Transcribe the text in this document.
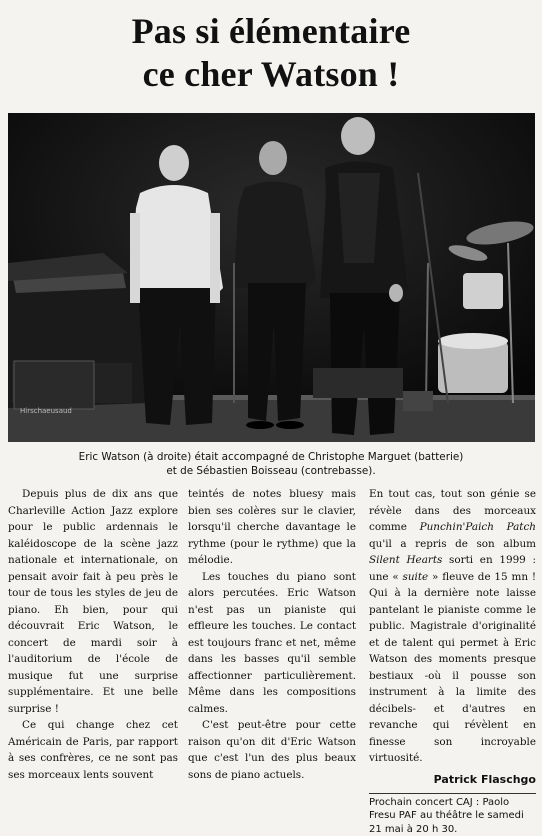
Pas si élémentaire
ce cher Watson !
Hirschaeusaud
Eric Watson (à droite) était accompagné de Christophe Marguet (batterie)
et de Sébastien Boisseau (contrebasse).

Depuis plus de dix ans que Charleville Action Jazz explore pour le public ardennais le kaléidoscope de la scène jazz nationale et internationale, on pensait avoir fait à peu près le tour de tous les styles de jeu de piano. Eh bien, pour qui découvrait Eric Watson, le concert de mardi soir à l'auditorium de l'école de musique fut une surprise supplémentaire. Et une belle surprise !

Ce qui change chez cet Américain de Paris, par rapport à ses confrères, ce ne sont pas ses morceaux lents souvent

teintés de notes bluesy mais bien ses colères sur le clavier, lorsqu'il cherche davantage le rythme (pour le rythme) que la mélodie.

Les touches du piano sont alors percutées. Eric Watson n'est pas un pianiste qui effleure les touches. Le contact est toujours franc et net, même dans les basses qu'il semble affectionner particulièrement. Même dans les compositions calmes.

C'est peut-être pour cette raison qu'on dit d'Eric Watson que c'est l'un des plus beaux sons de piano actuels.

En tout cas, tout son génie se révèle dans des morceaux comme Punchin'Paich Patch qu'il a repris de son album Silent Hearts sorti en 1999 : une « suite » fleuve de 15 mn ! Qui à la dernière note laisse pantelant le pianiste comme le public. Magistrale d'originalité et de talent qui permet à Eric Watson des moments presque bestiaux -où il pousse son instrument à la limite des décibels- et d'autres en revanche qui révèlent en finesse son incroyable virtuosité.

Patrick Flaschgo

Prochain concert CAJ : Paolo Fresu PAF au théâtre le samedi 21 mai à 20 h 30.
